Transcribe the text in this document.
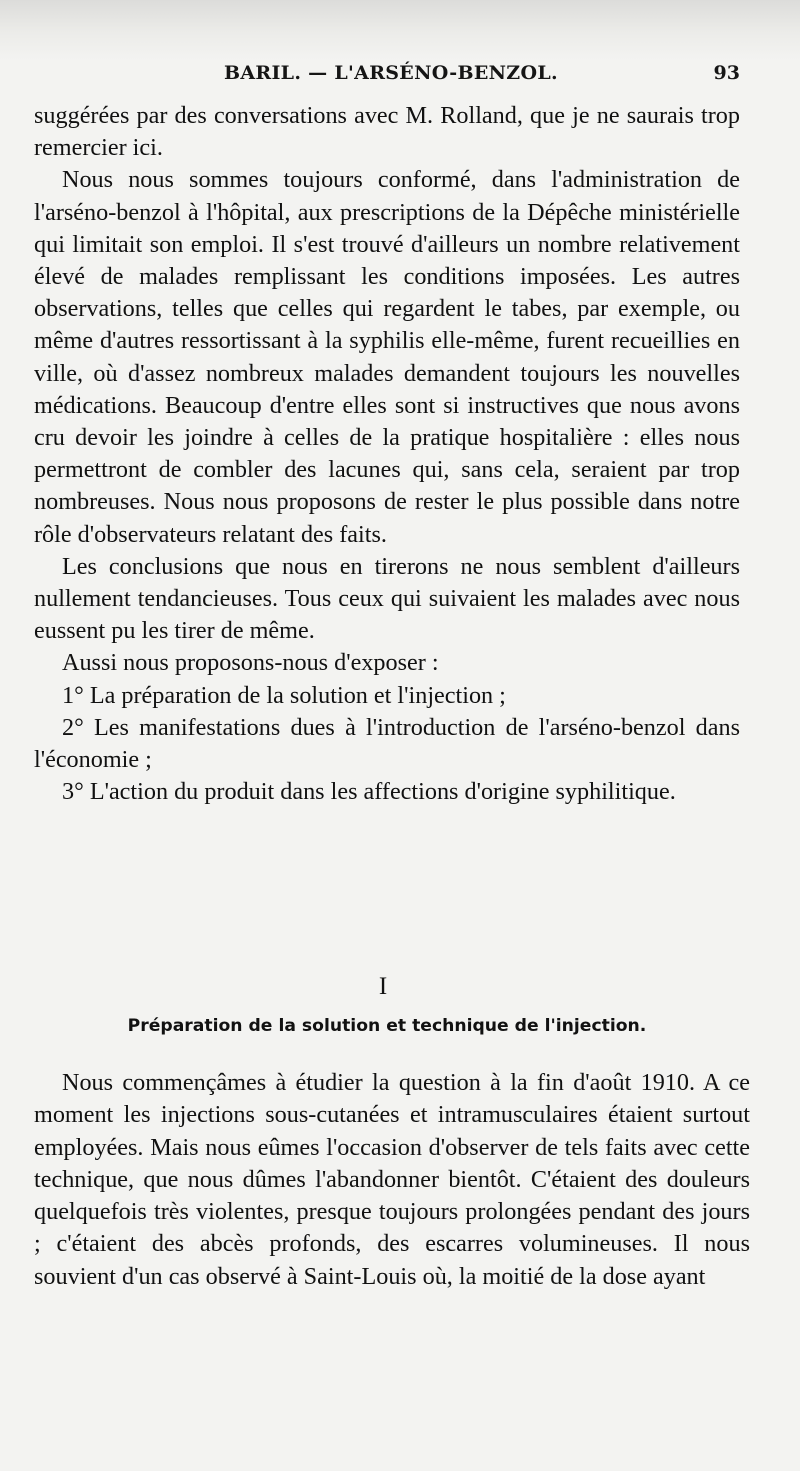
BARIL. — L'ARSÉNO-BENZOL.	93

suggérées par des conversations avec M. Rolland, que je ne saurais trop remercier ici.

Nous nous sommes toujours conformé, dans l'administration de l'arséno-benzol à l'hôpital, aux prescriptions de la Dépêche ministérielle qui limitait son emploi. Il s'est trouvé d'ailleurs un nombre relativement élevé de malades remplissant les conditions imposées. Les autres observations, telles que celles qui regardent le tabes, par exemple, ou même d'autres ressortissant à la syphilis elle-même, furent recueillies en ville, où d'assez nombreux malades demandent toujours les nouvelles médications. Beaucoup d'entre elles sont si instructives que nous avons cru devoir les joindre à celles de la pratique hospitalière : elles nous permettront de combler des lacunes qui, sans cela, seraient par trop nombreuses. Nous nous proposons de rester le plus possible dans notre rôle d'observateurs relatant des faits.

Les conclusions que nous en tirerons ne nous semblent d'ailleurs nullement tendancieuses. Tous ceux qui suivaient les malades avec nous eussent pu les tirer de même.

Aussi nous proposons-nous d'exposer :

1° La préparation de la solution et l'injection ;

2° Les manifestations dues à l'introduction de l'arséno-benzol dans l'économie ;

3° L'action du produit dans les affections d'origine syphilitique.

I
Préparation de la solution et technique de l'injection.

Nous commençâmes à étudier la question à la fin d'août 1910. A ce moment les injections sous-cutanées et intramusculaires étaient surtout employées. Mais nous eûmes l'occasion d'observer de tels faits avec cette technique, que nous dûmes l'abandonner bientôt. C'étaient des douleurs quelquefois très violentes, presque toujours prolongées pendant des jours ; c'étaient des abcès profonds, des escarres volumineuses. Il nous souvient d'un cas observé à Saint-Louis où, la moitié de la dose ayant
